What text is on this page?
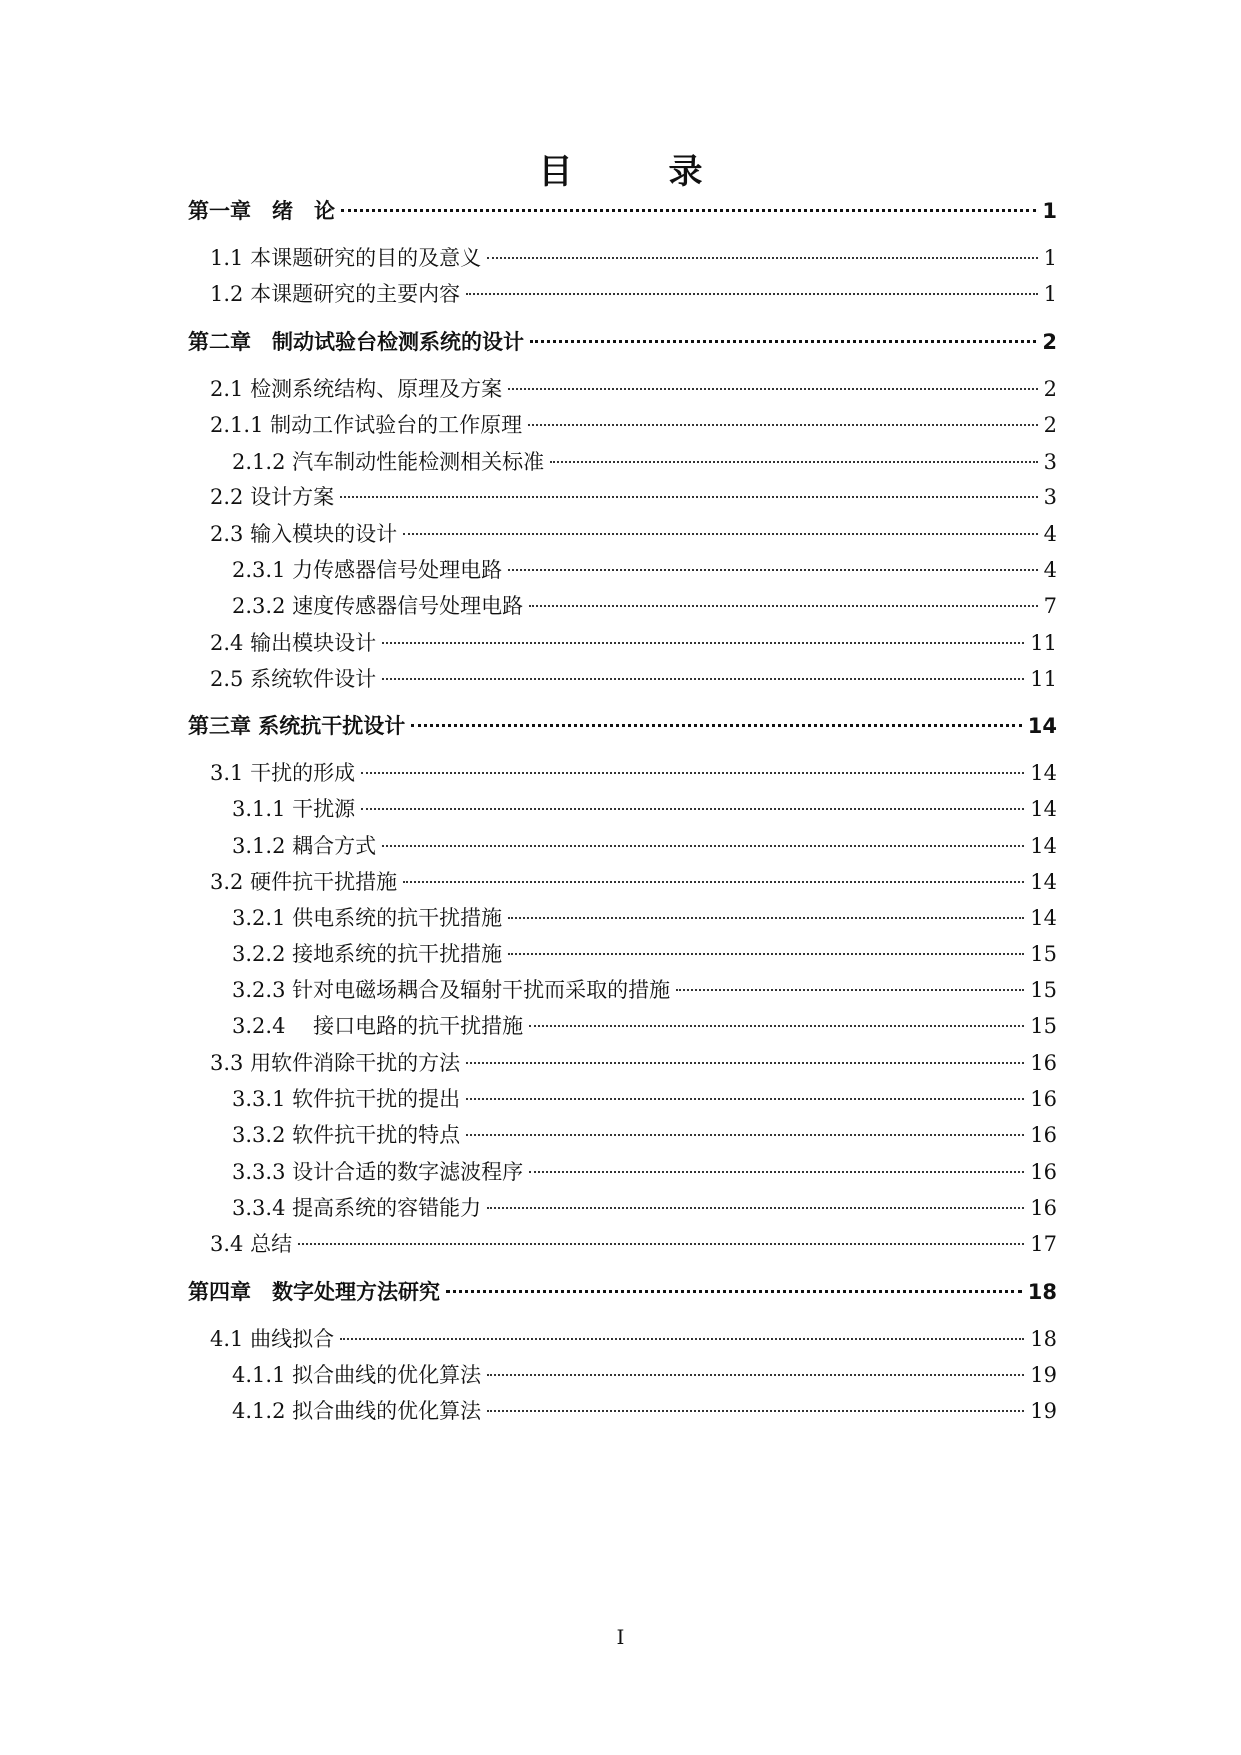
目	录
第一章　绪　论	1
1.1 本课题研究的目的及意义	1
1.2 本课题研究的主要内容	1
第二章　制动试验台检测系统的设计	2
2.1 检测系统结构、原理及方案	2
2.1.1 制动工作试验台的工作原理	2
2.1.2 汽车制动性能检测相关标准	3
2.2 设计方案	3
2.3 输入模块的设计	4
2.3.1 力传感器信号处理电路	4
2.3.2 速度传感器信号处理电路	7
2.4 输出模块设计	11
2.5 系统软件设计	11
第三章 系统抗干扰设计	14
3.1 干扰的形成	14
3.1.1 干扰源	14
3.1.2 耦合方式	14
3.2 硬件抗干扰措施	14
3.2.1 供电系统的抗干扰措施	14
3.2.2 接地系统的抗干扰措施	15
3.2.3 针对电磁场耦合及辐射干扰而采取的措施	15
3.2.4　 接口电路的抗干扰措施	15
3.3 用软件消除干扰的方法	16
3.3.1 软件抗干扰的提出	16
3.3.2 软件抗干扰的特点	16
3.3.3 设计合适的数字滤波程序	16
3.3.4 提高系统的容错能力	16
3.4 总结	17
第四章　数字处理方法研究	18
4.1 曲线拟合	18
4.1.1 拟合曲线的优化算法	19
4.1.2 拟合曲线的优化算法	19
I
